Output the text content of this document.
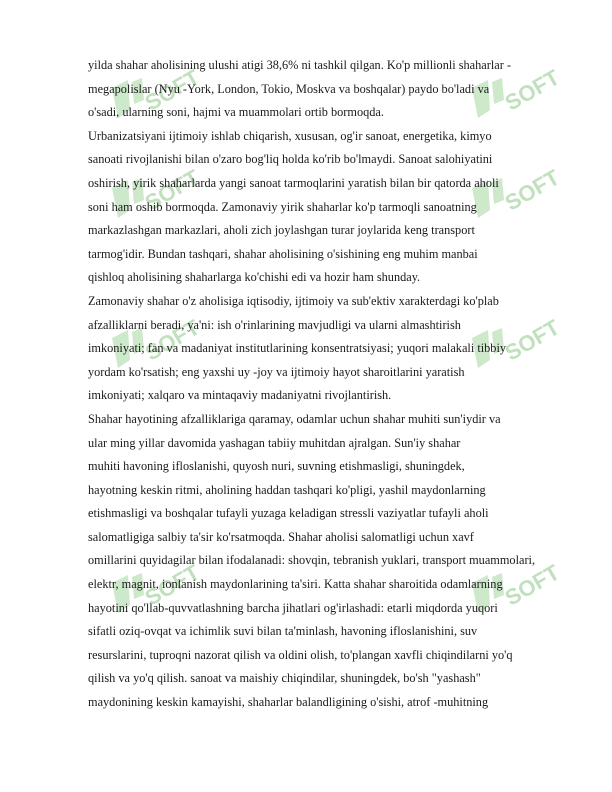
SOFT	SOFT
SOFT	SOFT
SOFT	SOFT
SOFT	SOFT
yilda shahar aholisining ulushi atigi 38,6% ni tashkil qilgan. Ko'p millionli shaharlar -
megapolislar (Nyu -York, London, Tokio, Moskva va boshqalar) paydo bo'ladi va
o'sadi, ularning soni, hajmi va muammolari ortib bormoqda.
Urbanizatsiyani ijtimoiy ishlab chiqarish, xususan, og'ir sanoat, energetika, kimyo
sanoati rivojlanishi bilan o'zaro bog'liq holda ko'rib bo'lmaydi. Sanoat salohiyatini
oshirish, yirik shaharlarda yangi sanoat tarmoqlarini yaratish bilan bir qatorda aholi
soni ham oshib bormoqda. Zamonaviy yirik shaharlar ko'p tarmoqli sanoatning
markazlashgan markazlari, aholi zich joylashgan turar joylarida keng transport
tarmog'idir. Bundan tashqari, shahar aholisining o'sishining eng muhim manbai
qishloq aholisining shaharlarga ko'chishi edi va hozir ham shunday.
Zamonaviy shahar o'z aholisiga iqtisodiy, ijtimoiy va sub'ektiv xarakterdagi ko'plab
afzalliklarni beradi, ya'ni: ish o'rinlarining mavjudligi va ularni almashtirish
imkoniyati; fan va madaniyat institutlarining konsentratsiyasi; yuqori malakali tibbiy
yordam ko'rsatish; eng yaxshi uy -joy va ijtimoiy hayot sharoitlarini yaratish
imkoniyati; xalqaro va mintaqaviy madaniyatni rivojlantirish.
Shahar hayotining afzalliklariga qaramay, odamlar uchun shahar muhiti sun'iydir va
ular ming yillar davomida yashagan tabiiy muhitdan ajralgan. Sun'iy shahar
muhiti havoning ifloslanishi, quyosh nuri, suvning etishmasligi, shuningdek,
hayotning keskin ritmi, aholining haddan tashqari ko'pligi, yashil maydonlarning
etishmasligi va boshqalar tufayli yuzaga keladigan stressli vaziyatlar tufayli aholi
salomatligiga salbiy ta'sir ko'rsatmoqda. Shahar aholisi salomatligi uchun xavf
omillarini quyidagilar bilan ifodalanadi: shovqin, tebranish yuklari, transport muammolari,
elektr, magnit, ionlanish maydonlarining ta'siri. Katta shahar sharoitida odamlarning
hayotini qo'llab-quvvatlashning barcha jihatlari og'irlashadi: etarli miqdorda yuqori
sifatli oziq-ovqat va ichimlik suvi bilan ta'minlash, havoning ifloslanishini, suv
resurslarini, tuproqni nazorat qilish va oldini olish, to'plangan xavfli chiqindilarni yo'q
qilish va yo'q qilish. sanoat va maishiy chiqindilar, shuningdek, bo'sh "yashash"
maydonining keskin kamayishi, shaharlar balandligining o'sishi, atrof -muhitning
